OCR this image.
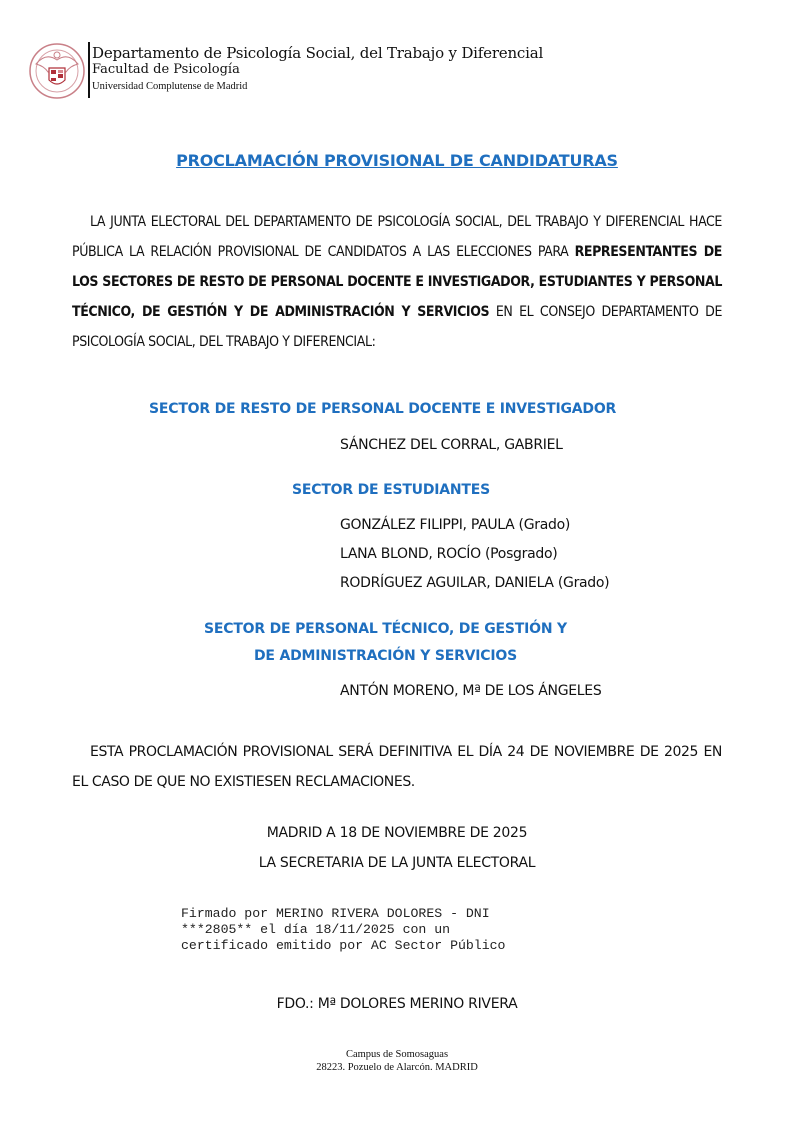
Departamento de Psicología Social, del Trabajo y Diferencial
Facultad de Psicología
Universidad Complutense de Madrid
PROCLAMACIÓN PROVISIONAL DE CANDIDATURAS
LA JUNTA ELECTORAL DEL DEPARTAMENTO DE PSICOLOGÍA SOCIAL, DEL TRABAJO Y DIFERENCIAL HACE PÚBLICA LA RELACIÓN PROVISIONAL DE CANDIDATOS A LAS ELECCIONES PARA REPRESENTANTES DE LOS SECTORES DE RESTO DE PERSONAL DOCENTE E INVESTIGADOR, ESTUDIANTES Y PERSONAL TÉCNICO, DE GESTIÓN Y DE ADMINISTRACIÓN Y SERVICIOS EN EL CONSEJO DEPARTAMENTO DE PSICOLOGÍA SOCIAL, DEL TRABAJO Y DIFERENCIAL:
SECTOR DE RESTO DE PERSONAL DOCENTE E INVESTIGADOR
SÁNCHEZ DEL CORRAL, GABRIEL
SECTOR DE ESTUDIANTES
GONZÁLEZ FILIPPI, PAULA (Grado)
LANA BLOND, ROCÍO (Posgrado)
RODRÍGUEZ AGUILAR, DANIELA (Grado)
SECTOR DE PERSONAL TÉCNICO, DE GESTIÓN Y
DE ADMINISTRACIÓN Y SERVICIOS
ANTÓN MORENO, Mª DE LOS ÁNGELES
ESTA PROCLAMACIÓN PROVISIONAL SERÁ DEFINITIVA EL DÍA 24 DE NOVIEMBRE DE 2025 EN EL CASO DE QUE NO EXISTIESEN RECLAMACIONES.
MADRID A 18 DE NOVIEMBRE DE 2025
LA SECRETARIA DE LA JUNTA ELECTORAL
Firmado por MERINO RIVERA DOLORES - DNI
***2805** el día 18/11/2025 con un
certificado emitido por AC Sector Público
FDO.: Mª DOLORES MERINO RIVERA
Campus de Somosaguas
28223. Pozuelo de Alarcón. MADRID
